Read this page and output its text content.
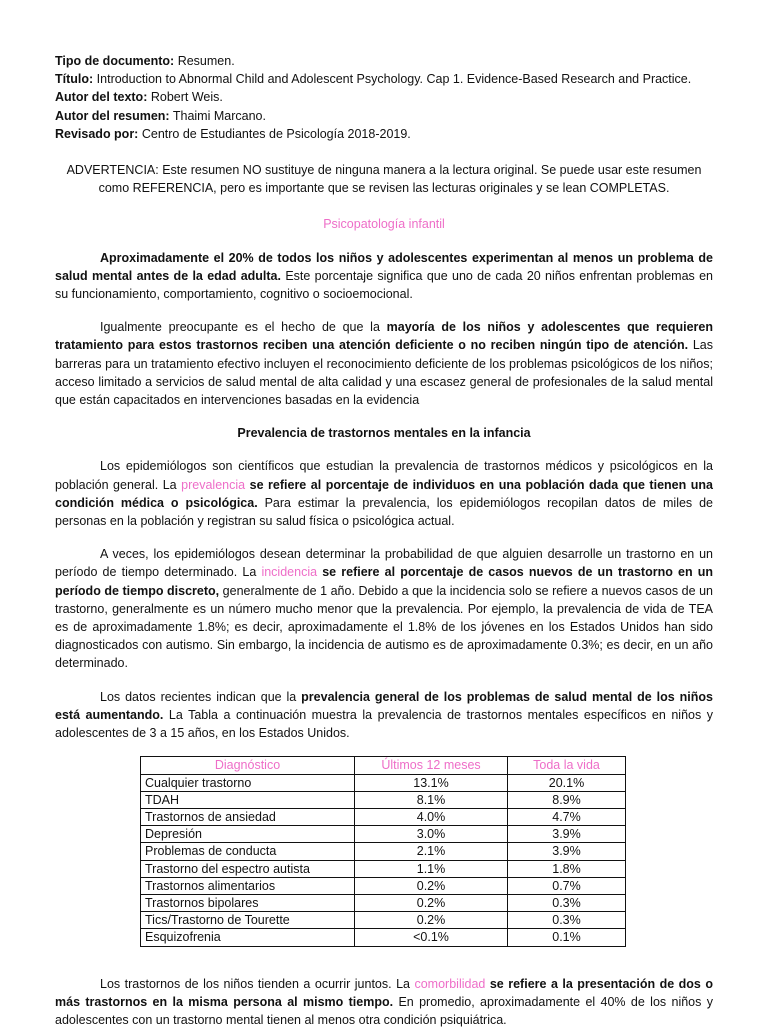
Tipo de documento: Resumen.

Título: Introduction to Abnormal Child and Adolescent Psychology. Cap 1. Evidence-Based Research and Practice.

Autor del texto: Robert Weis.

Autor del resumen: Thaimi Marcano.

Revisado por: Centro de Estudiantes de Psicología 2018-2019.

ADVERTENCIA: Este resumen NO sustituye de ninguna manera a la lectura original. Se puede usar este resumen como REFERENCIA, pero es importante que se revisen las lecturas originales y se lean COMPLETAS.

Psicopatología infantil

Aproximadamente el 20% de todos los niños y adolescentes experimentan al menos un problema de salud mental antes de la edad adulta. Este porcentaje significa que uno de cada 20 niños enfrentan problemas en su funcionamiento, comportamiento, cognitivo o socioemocional.

Igualmente preocupante es el hecho de que la mayoría de los niños y adolescentes que requieren tratamiento para estos trastornos reciben una atención deficiente o no reciben ningún tipo de atención. Las barreras para un tratamiento efectivo incluyen el reconocimiento deficiente de los problemas psicológicos de los niños; acceso limitado a servicios de salud mental de alta calidad y una escasez general de profesionales de la salud mental que están capacitados en intervenciones basadas en la evidencia

Prevalencia de trastornos mentales en la infancia

Los epidemiólogos son científicos que estudian la prevalencia de trastornos médicos y psicológicos en la población general. La prevalencia se refiere al porcentaje de individuos en una población dada que tienen una condición médica o psicológica. Para estimar la prevalencia, los epidemiólogos recopilan datos de miles de personas en la población y registran su salud física o psicológica actual.

A veces, los epidemiólogos desean determinar la probabilidad de que alguien desarrolle un trastorno en un período de tiempo determinado. La incidencia se refiere al porcentaje de casos nuevos de un trastorno en un período de tiempo discreto, generalmente de 1 año. Debido a que la incidencia solo se refiere a nuevos casos de un trastorno, generalmente es un número mucho menor que la prevalencia. Por ejemplo, la prevalencia de vida de TEA es de aproximadamente 1.8%; es decir, aproximadamente el 1.8% de los jóvenes en los Estados Unidos han sido diagnosticados con autismo. Sin embargo, la incidencia de autismo es de aproximadamente 0.3%; es decir, en un año determinado.

Los datos recientes indican que la prevalencia general de los problemas de salud mental de los niños está aumentando. La Tabla a continuación muestra la prevalencia de trastornos mentales específicos en niños y adolescentes de 3 a 15 años, en los Estados Unidos.

Diagnóstico	Últimos 12 meses	Toda la vida
Cualquier trastorno	13.1%	20.1%
TDAH	8.1%	8.9%
Trastornos de ansiedad	4.0%	4.7%
Depresión	3.0%	3.9%
Problemas de conducta	2.1%	3.9%
Trastorno del espectro autista	1.1%	1.8%
Trastornos alimentarios	0.2%	0.7%
Trastornos bipolares	0.2%	0.3%
Tics/Trastorno de Tourette	0.2%	0.3%
Esquizofrenia	<0.1%	0.1%

Los trastornos de los niños tienden a ocurrir juntos. La comorbilidad se refiere a la presentación de dos o más trastornos en la misma persona al mismo tiempo. En promedio, aproximadamente el 40% de los niños y adolescentes con un trastorno mental tienen al menos otra condición psiquiátrica.
